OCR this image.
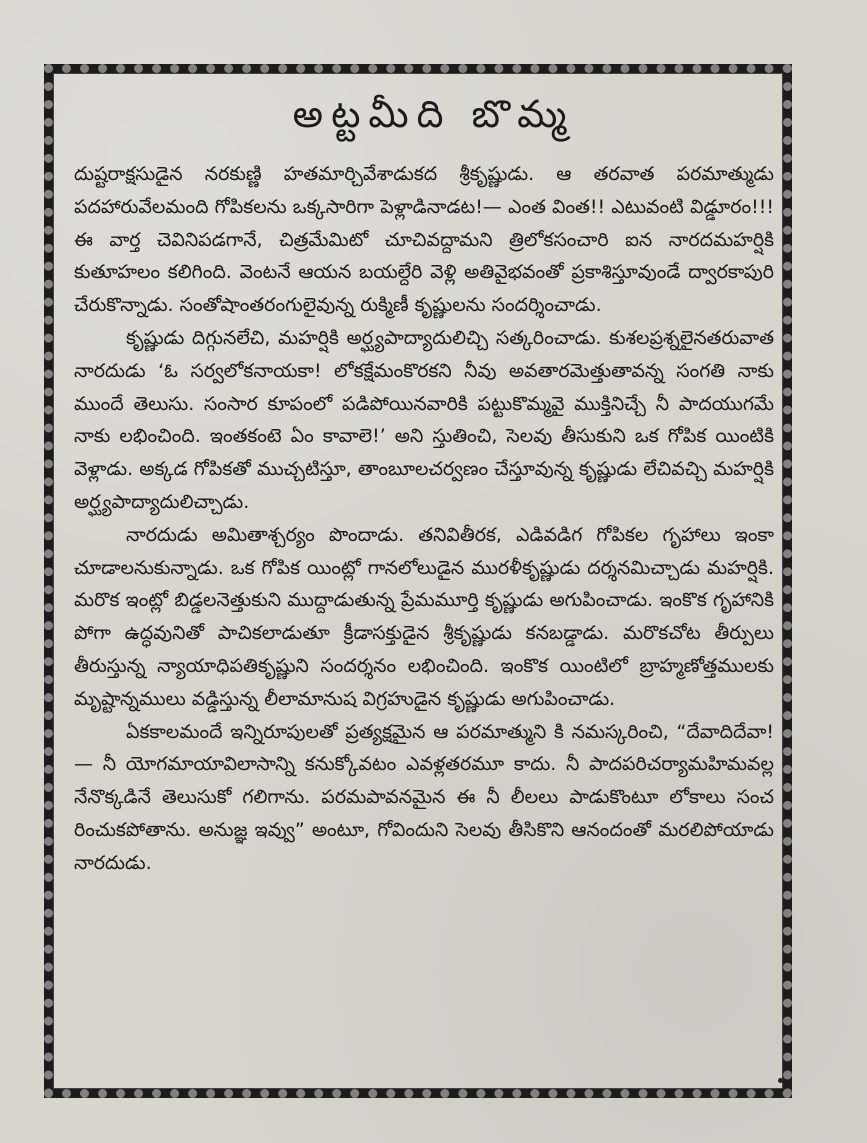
అట్టమీది బొమ్మ

దుష్టరాక్షసుడైన నరకుణ్ణి హతమార్చివేశాడుకద శ్రీకృష్ణుడు. ఆ తరవాత పరమాత్ముడు పదహారువేలమంది గోపికలను ఒక్కసారిగా పెళ్లాడినాడట!— ఎంత వింత!! ఎటువంటి విడ్డూరం!!! ఈ వార్త చెవినిపడగానే, చిత్రమేమిటో చూచివద్దామని త్రిలోకసంచారి ఐన నారదమహర్షికి కుతూహలం కలిగింది. వెంటనే ఆయన బయల్దేరి వెళ్లి అతివైభవంతో ప్రకాశిస్తూవుండే ద్వారకాపురి చేరుకొన్నాడు. సంతోషాంతరంగులైవున్న రుక్మిణీ కృష్ణులను సందర్శించాడు.

కృష్ణుడు దిగ్గునలేచి, మహర్షికి అర్ఘ్యపాద్యాదులిచ్చి సత్కరించాడు. కుశలప్రశ్నలైనతరువాత నారదుడు ‘ఓ సర్వలోకనాయకా! లోకక్షేమంకొరకని నీవు అవతారమెత్తుతావన్న సంగతి నాకు ముందే తెలుసు. సంసార కూపంలో పడిపోయినవారికి పట్టుకొమ్మవై ముక్తినిచ్చే నీ పాదయుగమే నాకు లభించింది. ఇంతకంటె ఏం కావాలె!’ అని స్తుతించి, సెలవు తీసుకుని ఒక గోపిక యింటికి వెళ్లాడు. అక్కడ గోపికతో ముచ్చటిస్తూ, తాంబూలచర్వణం చేస్తూవున్న కృష్ణుడు లేచివచ్చి మహర్షికి అర్ఘ్యపాద్యాదులిచ్చాడు.

నారదుడు అమితాశ్చర్యం పొందాడు. తనివితీరక, ఎడివడిగ గోపికల గృహాలు ఇంకా చూడాలనుకున్నాడు. ఒక గోపిక యింట్లో గానలోలుడైన మురళీకృష్ణుడు దర్శనమిచ్చాడు మహర్షికి. మరొక ఇంట్లో బిడ్డలనెత్తుకుని ముద్దాడుతున్న ప్రేమమూర్తి కృష్ణుడు అగుపించాడు. ఇంకొక గృహానికి పోగా ఉద్ధవునితో పాచికలాడుతూ క్రీడాసక్తుడైన శ్రీకృష్ణుడు కనబడ్డాడు. మరొకచోట తీర్పులు తీరుస్తున్న న్యాయాధిపతికృష్ణుని సందర్శనం లభించింది. ఇంకొక యింటిలో బ్రాహ్మణోత్తములకు మృష్టాన్నములు వడ్డిస్తున్న లీలామానుష విగ్రహుడైన కృష్ణుడు అగుపించాడు.

ఏకకాలమందే ఇన్నిరూపులతో ప్రత్యక్షమైన ఆ పరమాత్ముని కి నమస్కరించి, “దేవాదిదేవా!— నీ యోగమాయావిలాసాన్ని కనుక్కోవటం ఎవళ్లతరమూ కాదు. నీ పాదపరిచర్యామహిమవల్ల నేనొక్కడినే తెలుసుకో గలిగాను. పరమపావనమైన ఈ నీ లీలలు పాడుకొంటూ లోకాలు సంచ రించుకపోతాను. అనుజ్ఞ ఇవ్వు” అంటూ, గోవిందుని సెలవు తీసికొని ఆనందంతో మరలిపోయాడు నారదుడు.
